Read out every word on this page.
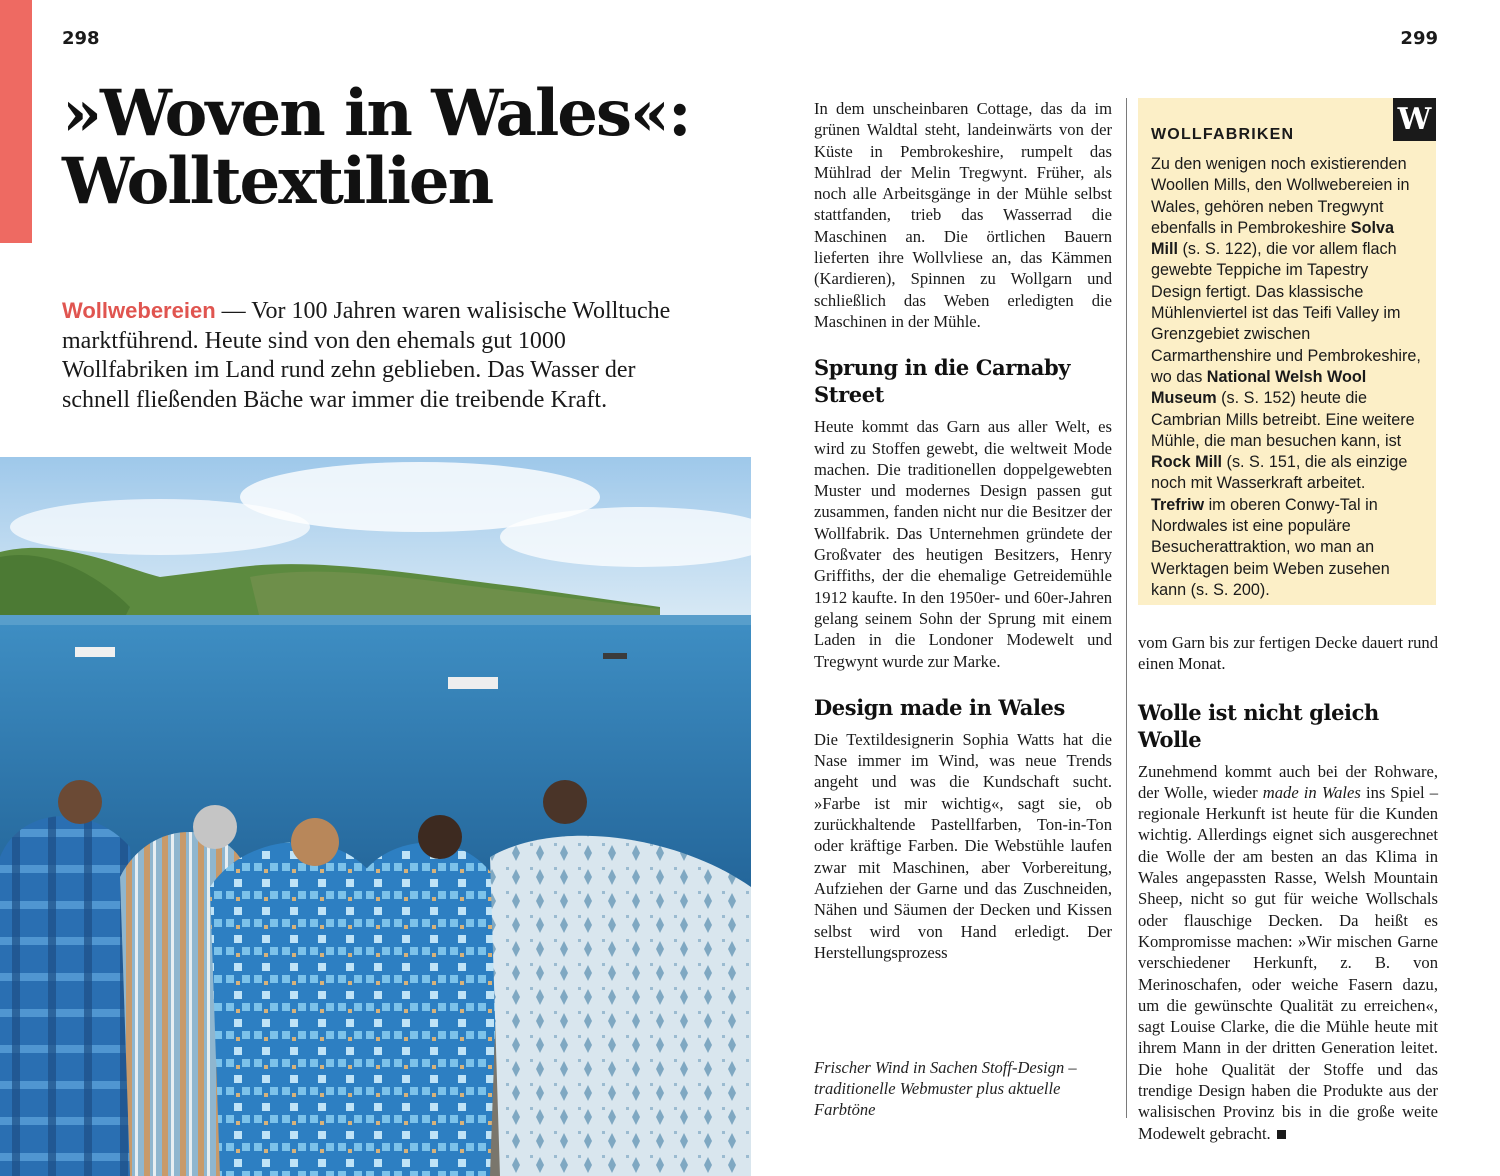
298	299
»Woven in Wales«:
Wolltextilien

Wollwebereien — Vor 100 Jahren waren walisische Wolltuche marktführend. Heute sind von den ehemals gut 1000 Wollfabriken im Land rund zehn geblieben. Das Wasser der schnell fließenden Bäche war immer die treibende Kraft.

In dem unscheinbaren Cottage, das da im grünen Waldtal steht, landeinwärts von der Küste in Pembrokeshire, rumpelt das Mühlrad der Melin Tregwynt. Früher, als noch alle Arbeitsgänge in der Mühle selbst stattfanden, trieb das Wasserrad die Maschinen an. Die örtlichen Bauern lieferten ihre Wollvliese an, das Kämmen (Kardieren), Spinnen zu Wollgarn und schließlich das Weben erledigten die Maschinen in der Mühle.

Sprung in die Carnaby Street

Heute kommt das Garn aus aller Welt, es wird zu Stoffen gewebt, die weltweit Mode machen. Die traditionellen doppelgewebten Muster und modernes Design passen gut zusammen, fanden nicht nur die Besitzer der Wollfabrik. Das Unternehmen gründete der Großvater des heutigen Besitzers, Henry Griffiths, der die ehemalige Getreidemühle 1912 kaufte. In den 1950er- und 60er-Jahren gelang seinem Sohn der Sprung mit einem Laden in die Londoner Modewelt und Tregwynt wurde zur Marke.

Design made in Wales

Die Textildesignerin Sophia Watts hat die Nase immer im Wind, was neue Trends angeht und was die Kundschaft sucht. »Farbe ist mir wichtig«, sagt sie, ob zurückhaltende Pastellfarben, Ton-in-Ton oder kräftige Farben. Die Webstühle laufen zwar mit Maschinen, aber Vorbereitung, Aufziehen der Garne und das Zuschneiden, Nähen und Säumen der Decken und Kissen selbst wird von Hand erledigt. Der Herstellungsprozess

Frischer Wind in Sachen Stoff-Design – traditionelle Webmuster plus aktuelle Farbtöne

W
WOLLFABRIKEN

Zu den wenigen noch existierenden Woollen Mills, den Wollwebereien in Wales, gehören neben Tregwynt ebenfalls in Pembrokeshire Solva Mill (s. S. 122), die vor allem flach gewebte Teppiche im Tapestry Design fertigt. Das klassische Mühlenviertel ist das Teifi Valley im Grenzgebiet zwischen Carmarthenshire und Pembrokeshire, wo das National Welsh Wool Museum (s. S. 152) heute die Cambrian Mills betreibt. Eine weitere Mühle, die man besuchen kann, ist Rock Mill (s. S. 151, die als einzige noch mit Wasserkraft arbeitet. Trefriw im oberen Conwy-Tal in Nordwales ist eine populäre Besucherattraktion, wo man an Werktagen beim Weben zusehen kann (s. S. 200).

vom Garn bis zur fertigen Decke dauert rund einen Monat.

Wolle ist nicht gleich Wolle

Zunehmend kommt auch bei der Rohware, der Wolle, wieder made in Wales ins Spiel – regionale Herkunft ist heute für die Kunden wichtig. Allerdings eignet sich ausgerechnet die Wolle der am besten an das Klima in Wales angepassten Rasse, Welsh Mountain Sheep, nicht so gut für weiche Wollschals oder flauschige Decken. Da heißt es Kompromisse machen: »Wir mischen Garne verschiedener Herkunft, z. B. von Merinoschafen, oder weiche Fasern dazu, um die gewünschte Qualität zu erreichen«, sagt Louise Clarke, die die Mühle heute mit ihrem Mann in der dritten Generation leitet. Die hohe Qualität der Stoffe und das trendige Design haben die Produkte aus der walisischen Provinz bis in die große weite Modewelt gebracht.
